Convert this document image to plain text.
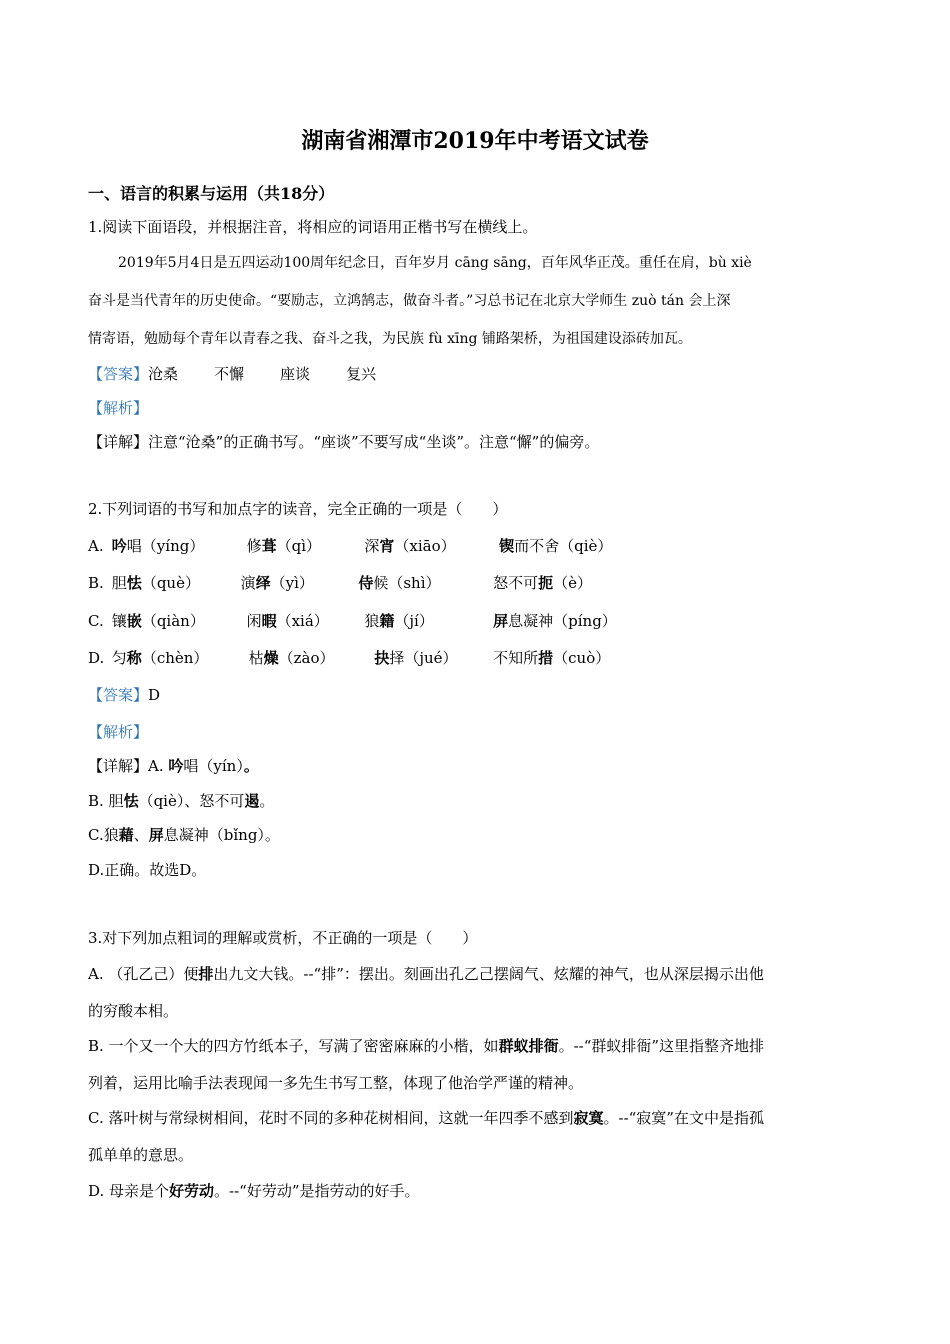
湖南省湘潭市2019年中考语文试卷
一、语言的积累与运用（共18分）
1.阅读下面语段，并根据注音，将相应的词语用正楷书写在横线上。
2019年5月4日是五四运动100周年纪念日，百年岁月 cāng sāng，百年风华正茂。重任在肩，bù xiè
奋斗是当代青年的历史使命。“要励志，立鸿鹄志，做奋斗者。”习总书记在北京大学师生 zuò tán 会上深
情寄语，勉励每个青年以青春之我、奋斗之我，为民族 fù xīng 铺路架桥，为祖国建设添砖加瓦。
【答案】沧桑 不懈 座谈 复兴
【解析】
【详解】注意“沧桑”的正确书写。“座谈”不要写成“坐谈”。注意“懈”的偏旁。
2.下列词语的书写和加点字的读音，完全正确的一项是（　　）
A. 吟唱（yíng）	修葺（qì）	深宵（xiāo）	锲而不舍（qiè）
B. 胆怯（què）	演绎（yì）	侍候（shì）	怒不可扼（è）
C. 镶嵌（qiàn）	闲暇（xiá） 狼籍（jí）	屏息凝神（píng）
D. 匀称（chèn）	枯燥（zào）	抉择（jué） 不知所措（cuò）
【答案】D
【解析】
【详解】A. 吟唱（yín）。
B. 胆怯（qiè）、怒不可遏。
C.狼藉、屏息凝神（bǐng）。
D.正确。故选D。
3.对下列加点粗词的理解或赏析，不正确的一项是（　　）
A. （孔乙己）便排出九文大钱。--“排”：摆出。刻画出孔乙己摆阔气、炫耀的神气，也从深层揭示出他
的穷酸本相。
B. 一个又一个大的四方竹纸本子，写满了密密麻麻的小楷，如群蚁排衙。--“群蚁排衙”这里指整齐地排
列着，运用比喻手法表现闻一多先生书写工整，体现了他治学严谨的精神。
C. 落叶树与常绿树相间，花时不同的多种花树相间，这就一年四季不感到寂寞。--“寂寞”在文中是指孤
孤单单的意思。
D. 母亲是个好劳动。--“好劳动”是指劳动的好手。
